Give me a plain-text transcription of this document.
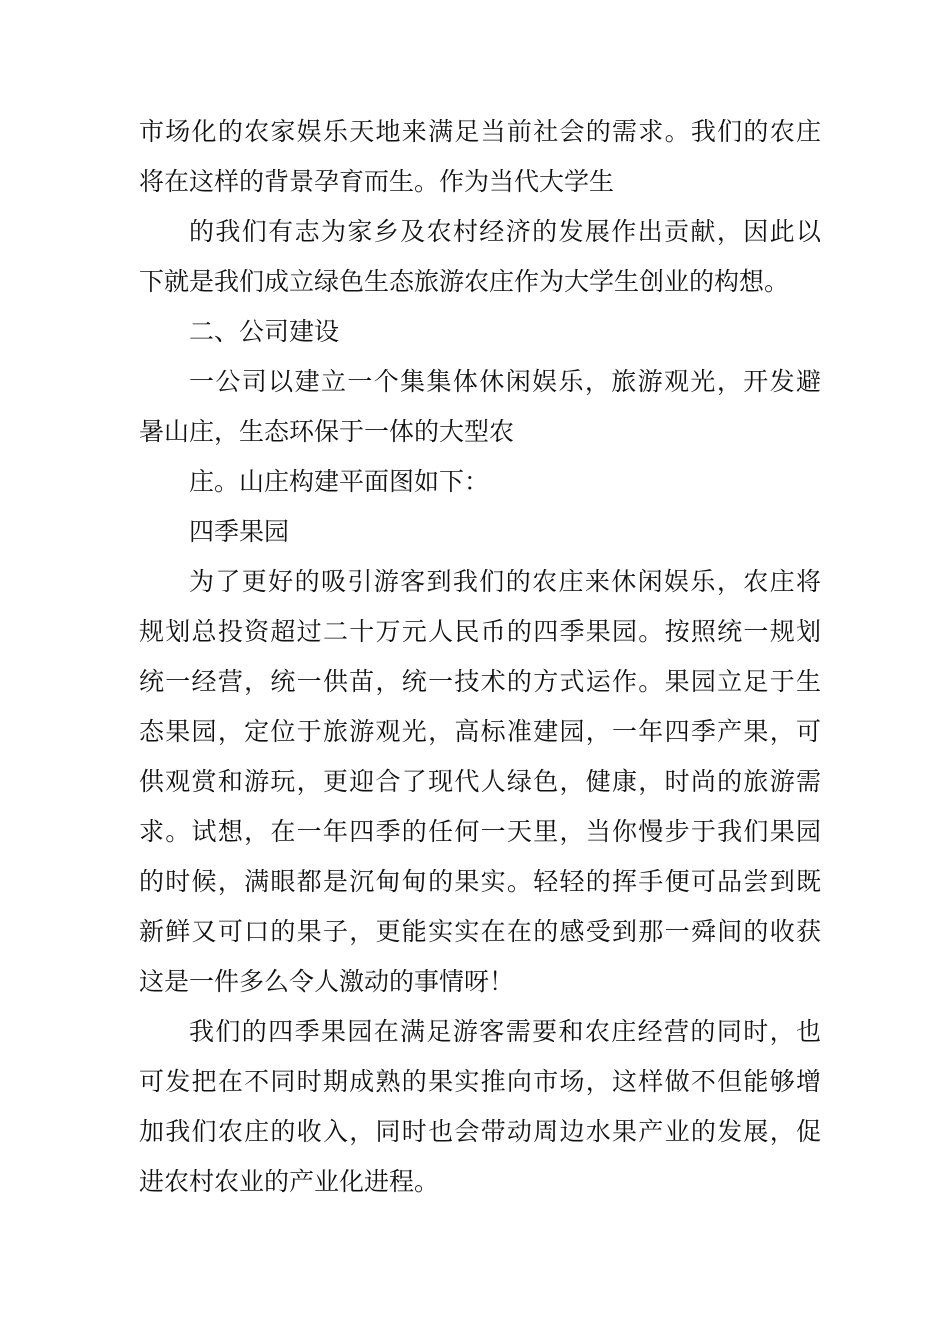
市场化的农家娱乐天地来满足当前社会的需求。我们的农庄
将在这样的背景孕育而生。作为当代大学生
的我们有志为家乡及农村经济的发展作出贡献，因此以
下就是我们成立绿色生态旅游农庄作为大学生创业的构想。
二、公司建设
一公司以建立一个集集体休闲娱乐，旅游观光，开发避
暑山庄，生态环保于一体的大型农
庄。山庄构建平面图如下：
四季果园
为了更好的吸引游客到我们的农庄来休闲娱乐，农庄将
规划总投资超过二十万元人民币的四季果园。按照统一规划
统一经营，统一供苗，统一技术的方式运作。果园立足于生
态果园，定位于旅游观光，高标准建园，一年四季产果，可
供观赏和游玩，更迎合了现代人绿色，健康，时尚的旅游需
求。试想，在一年四季的任何一天里，当你慢步于我们果园
的时候，满眼都是沉甸甸的果实。轻轻的挥手便可品尝到既
新鲜又可口的果子，更能实实在在的感受到那一舜间的收获
这是一件多么令人激动的事情呀！
我们的四季果园在满足游客需要和农庄经营的同时，也
可发把在不同时期成熟的果实推向市场，这样做不但能够增
加我们农庄的收入，同时也会带动周边水果产业的发展，促
进农村农业的产业化进程。
